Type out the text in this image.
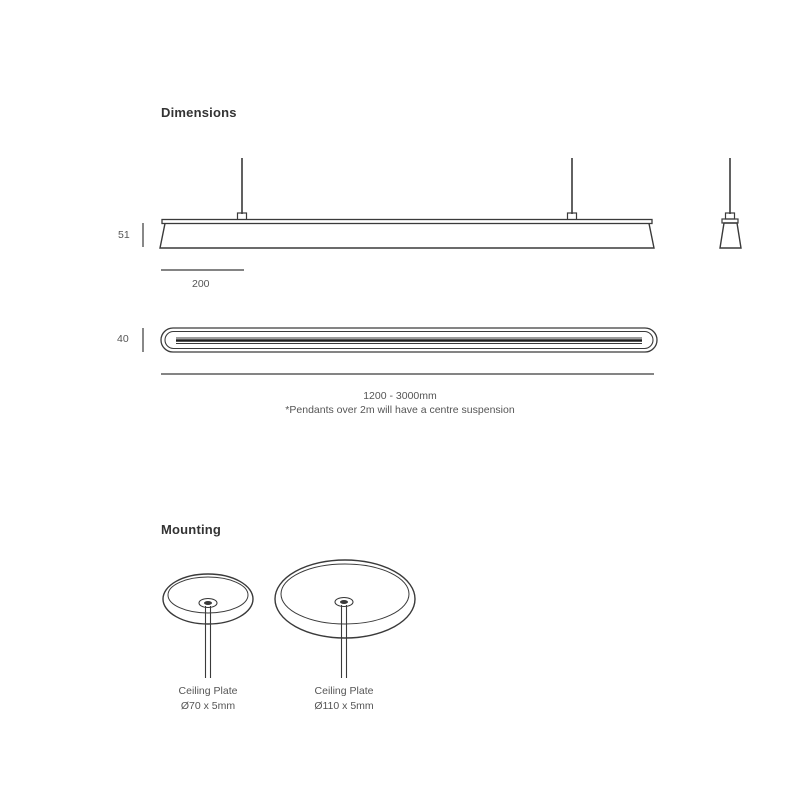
Dimensions
Mounting
51
200
40
1200 - 3000mm
*Pendants over 2m will have a centre suspension
Ceiling Plate
Ø70 x 5mm
Ceiling Plate
Ø110 x 5mm
